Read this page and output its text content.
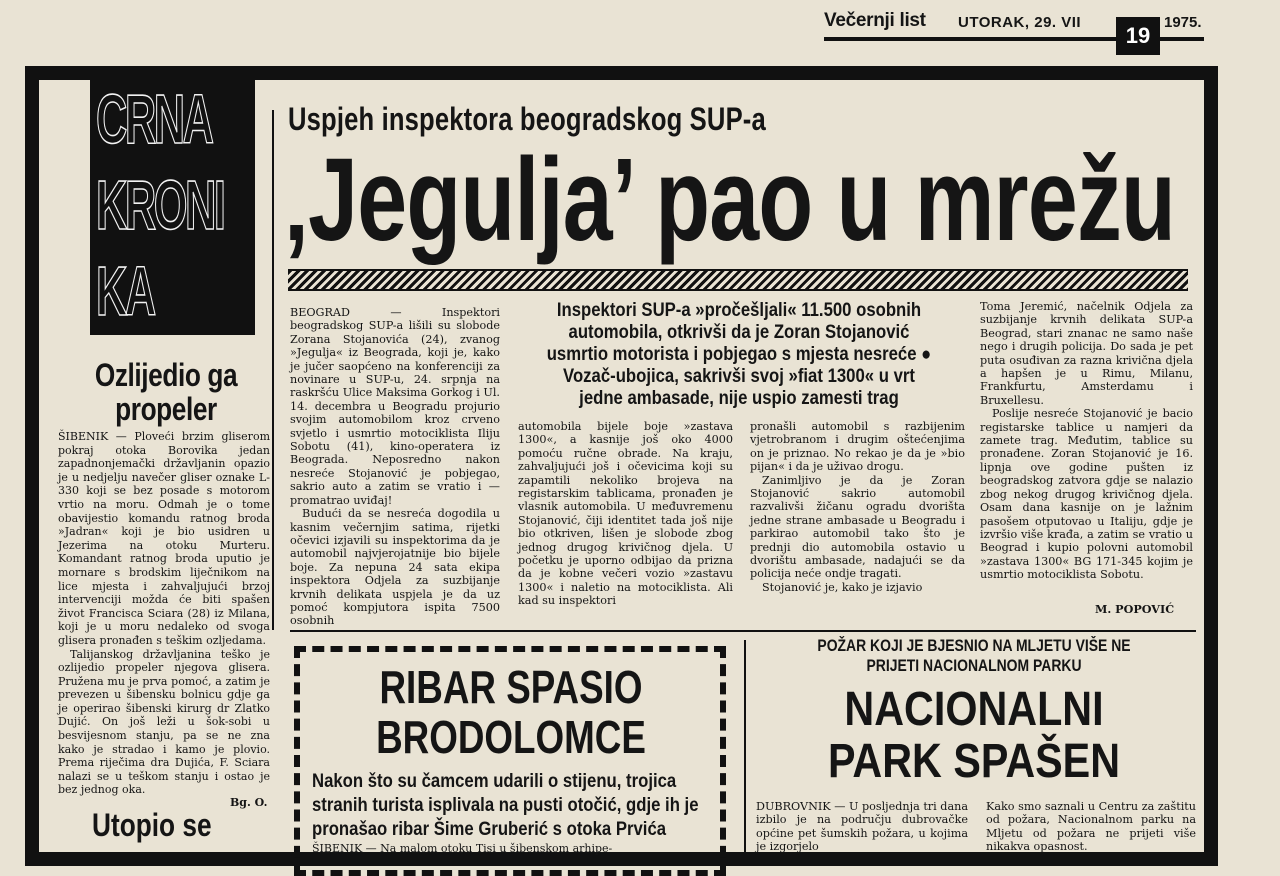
Večernji list UTORAK, 29. VII
19
1975.
CRNA
KRONI
KA
Ozlijedio ga propeler

ŠIBENIK — Ploveći brzim gliserom pokraj otoka Borovika jedan zapadnonjemački državljanin opazio je u nedjelju navečer gliser oznake L-330 koji se bez posade s motorom vrtio na moru. Odmah je o tome obavijestio komandu ratnog broda »Jadran« koji je bio usidren u Jezerima na otoku Murteru. Komandant ratnog broda uputio je mornare s brodskim liječnikom na lice mjesta i zahvaljujući brzoj intervenciji možda će biti spašen život Francisca Sciara (28) iz Milana, koji je u moru nedaleko od svoga glisera pronađen s teškim ozljedama.

Talijanskog državljanina teško je ozlijedio propeler njegova glisera. Pružena mu je prva pomoć, a zatim je prevezen u šibensku bolnicu gdje ga je operirao šibenski kirurg dr Zlatko Dujić. On još leži u šok-sobi u besvijesnom stanju, pa se ne zna kako je stradao i kamo je plovio. Prema riječima dra Dujića, F. Sciara nalazi se u teškom stanju i ostao je bez jednog oka.

Bg. O.
Utopio se
Uspjeh inspektora beogradskog SUP-a
‚Jegulja’ pao u mrežu

BEOGRAD — Inspektori beogradskog SUP-a lišili su slobode Zorana Stojanovića (24), zvanog »Jegulja« iz Beograda, koji je, kako je jučer saopćeno na konferenciji za novinare u SUP-u, 24. srpnja na raskršću Ulice Maksima Gorkog i Ul. 14. decembra u Beogradu projurio svojim automobilom kroz crveno svjetlo i usmrtio motociklista Iliju Sobotu (41), kino-operatera iz Beograda. Neposredno nakon nesreće Stojanović je pobjegao, sakrio auto a zatim se vratio i — promatrao uviđaj!

Budući da se nesreća dogodila u kasnim večernjim satima, rijetki očevici izjavili su inspektorima da je automobil najvjerojatnije bio bijele boje. Za nepuna 24 sata ekipa inspektora Odjela za suzbijanje krvnih delikata uspjela je da uz pomoć kompjutora ispita 7500 osobnih

Inspektori SUP-a »pročešljali« 11.500 osobnih automobila, otkrivši da je Zoran Stojanović usmrtio motorista i pobjegao s mjesta nesreće ● Vozač-ubojica, sakrivši svoj »fiat 1300« u vrt jedne ambasade, nije uspio zamesti trag

automobila bijele boje »zastava 1300«, a kasnije još oko 4000 pomoću ručne obrade. Na kraju, zahvaljujući još i očevicima koji su zapamtili nekoliko brojeva na registarskim tablicama, pronađen je vlasnik automobila. U međuvremenu Stojanović, čiji identitet tada još nije bio otkriven, lišen je slobode zbog jednog drugog krivičnog djela. U početku je uporno odbijao da prizna da je kobne večeri vozio »zastavu 1300« i naletio na motociklista. Ali kad su inspektori

pronašli automobil s razbijenim vjetrobranom i drugim oštećenjima on je priznao. No rekao je da je »bio pijan« i da je uživao drogu.

Zanimljivo je da je Zoran Stojanović sakrio automobil razvalivši žičanu ogradu dvorišta jedne strane ambasade u Beogradu i parkirao automobil tako što je prednji dio automobila ostavio u dvorištu ambasade, nadajući se da policija neće ondje tragati.

Stojanović je, kako je izjavio

Toma Jeremić, načelnik Odjela za suzbijanje krvnih delikata SUP-a Beograd, stari znanac ne samo naše nego i drugih policija. Do sada je pet puta osuđivan za razna krivična djela a hapšen je u Rimu, Milanu, Frankfurtu, Amsterdamu i Bruxellesu.

Poslije nesreće Stojanović je bacio registarske tablice u namjeri da zamete trag. Međutim, tablice su pronađene. Zoran Stojanović je 16. lipnja ove godine pušten iz beogradskog zatvora gdje se nalazio zbog nekog drugog krivičnog djela. Osam dana kasnije on je lažnim pasošem otputovao u Italiju, gdje je izvršio više krađa, a zatim se vratio u Beograd i kupio polovni automobil »zastava 1300« BG 171-345 kojim je usmrtio motociklista Sobotu.

M. POPOVIĆ
RIBAR SPASIO BRODOLOMCE
Nakon što su čamcem udarili o stijenu, trojica stranih turista isplivala na pusti otočić, gdje ih je pronašao ribar Šime Gruberić s otoka Prvića
ŠIBENIK — Na malom otoku Tisi u šibenskom arhipe-
POŽAR KOJI JE BJESNIO NA MLJETU VIŠE NE PRIJETI NACIONALNOM PARKU
NACIONALNI PARK SPAŠEN
DUBROVNIK — U posljednja tri dana izbilo je na području dubrovačke općine pet šumskih požara, u kojima je izgorjelo
Kako smo saznali u Centru za zaštitu od požara, Nacionalnom parku na Mljetu od požara ne prijeti više nikakva opasnost.
